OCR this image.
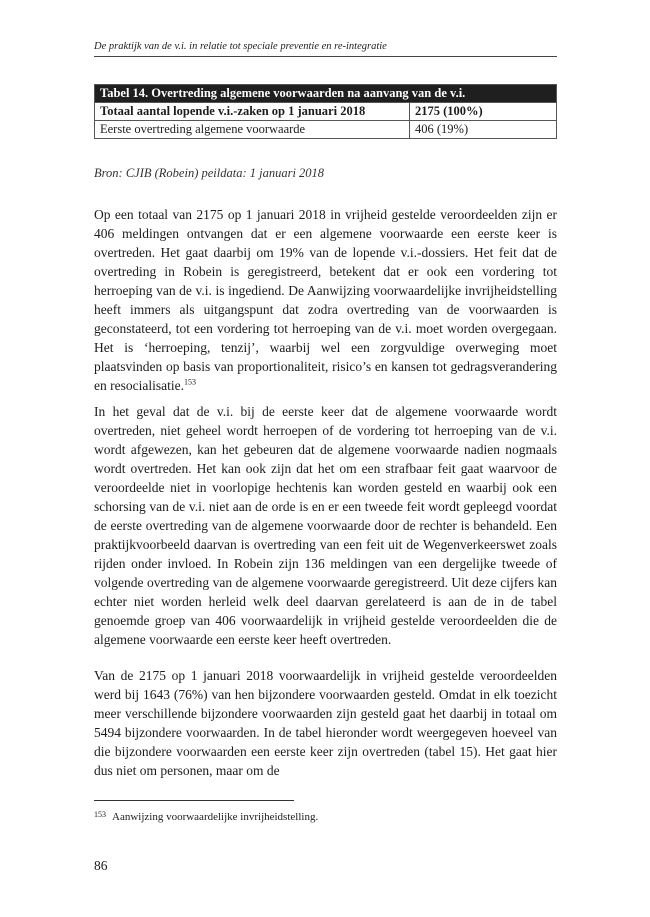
De praktijk van de v.i. in relatie tot speciale preventie en re-integratie
Tabel 14. Overtreding algemene voorwaarden na aanvang van de v.i.	
Totaal aantal lopende v.i.-zaken op 1 januari 2018	2175 (100%)
Eerste overtreding algemene voorwaarde	406 (19%)
Bron: CJIB (Robein) peildata: 1 januari 2018
Op een totaal van 2175 op 1 januari 2018 in vrijheid gestelde veroordeelden zijn er 406 meldingen ontvangen dat er een algemene voorwaarde een eerste keer is overtreden. Het gaat daarbij om 19% van de lopende v.i.-dossiers. Het feit dat de overtreding in Robein is geregistreerd, betekent dat er ook een vordering tot herroeping van de v.i. is ingediend. De Aanwijzing voorwaardelijke invrijheidstelling heeft immers als uitgangspunt dat zodra overtreding van de voorwaarden is geconstateerd, tot een vordering tot herroeping van de v.i. moet worden overgegaan. Het is ‘herroeping, tenzij’, waarbij wel een zorgvuldige overweging moet plaatsvinden op basis van proportionaliteit, risico’s en kansen tot gedragsverandering en resocialisatie.$^{153}$
In het geval dat de v.i. bij de eerste keer dat de algemene voorwaarde wordt overtreden, niet geheel wordt herroepen of de vordering tot herroeping van de v.i. wordt afgewezen, kan het gebeuren dat de algemene voorwaarde nadien nogmaals wordt overtreden. Het kan ook zijn dat het om een strafbaar feit gaat waarvoor de veroordeelde niet in voorlopige hechtenis kan worden gesteld en waarbij ook een schorsing van de v.i. niet aan de orde is en er een tweede feit wordt gepleegd voordat de eerste overtreding van de algemene voorwaarde door de rechter is behandeld. Een praktijkvoorbeeld daarvan is overtreding van een feit uit de Wegenverkeerswet zoals rijden onder invloed. In Robein zijn 136 meldingen van een dergelijke tweede of volgende overtreding van de algemene voorwaarde geregistreerd. Uit deze cijfers kan echter niet worden herleid welk deel daarvan gerelateerd is aan de in de tabel genoemde groep van 406 voorwaardelijk in vrijheid gestelde veroordeelden die de algemene voorwaarde een eerste keer heeft overtreden.
Van de 2175 op 1 januari 2018 voorwaardelijk in vrijheid gestelde veroordeelden werd bij 1643 (76%) van hen bijzondere voorwaarden gesteld. Omdat in elk toezicht meer verschillende bijzondere voorwaarden zijn gesteld gaat het daarbij in totaal om 5494 bijzondere voorwaarden. In de tabel hieronder wordt weergegeven hoeveel van die bijzondere voorwaarden een eerste keer zijn overtreden (tabel 15). Het gaat hier dus niet om personen, maar om de
$^{153}$ Aanwijzing voorwaardelijke invrijheidstelling.
86
